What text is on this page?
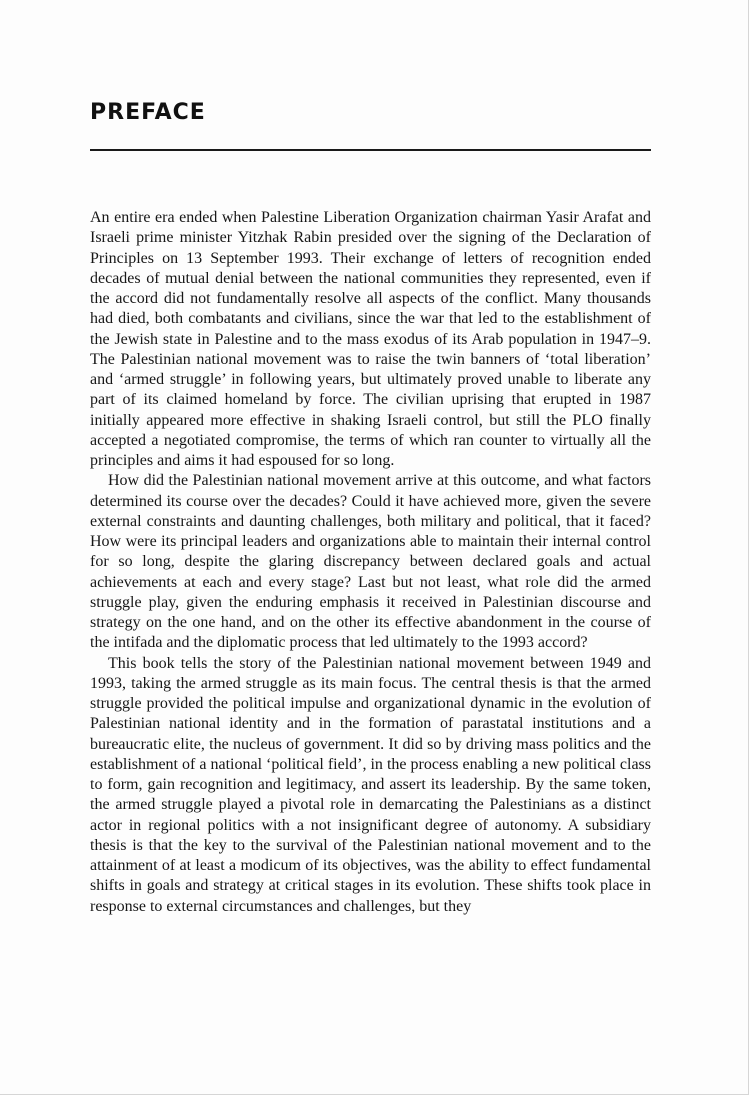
PREFACE

An entire era ended when Palestine Liberation Organization chairman Yasir Arafat and Israeli prime minister Yitzhak Rabin presided over the signing of the Declaration of Principles on 13 September 1993. Their exchange of letters of recognition ended decades of mutual denial between the national communities they represented, even if the accord did not fundamentally resolve all aspects of the conflict. Many thousands had died, both combatants and civilians, since the war that led to the establishment of the Jewish state in Palestine and to the mass exodus of its Arab population in 1947–9. The Palestinian national movement was to raise the twin banners of ‘total liberation’ and ‘armed struggle’ in following years, but ultimately proved unable to liberate any part of its claimed homeland by force. The civilian uprising that erupted in 1987 initially appeared more effective in shaking Israeli control, but still the PLO finally accepted a negotiated compromise, the terms of which ran counter to virtually all the principles and aims it had espoused for so long.

How did the Palestinian national movement arrive at this outcome, and what factors determined its course over the decades? Could it have achieved more, given the severe external constraints and daunting challenges, both military and political, that it faced? How were its principal leaders and organizations able to maintain their internal control for so long, despite the glaring discrepancy between declared goals and actual achievements at each and every stage? Last but not least, what role did the armed struggle play, given the enduring emphasis it received in Palestinian discourse and strategy on the one hand, and on the other its effective abandonment in the course of the intifada and the diplomatic process that led ultimately to the 1993 accord?

This book tells the story of the Palestinian national movement between 1949 and 1993, taking the armed struggle as its main focus. The central thesis is that the armed struggle provided the political impulse and organizational dynamic in the evolution of Palestinian national identity and in the formation of parastatal institutions and a bureaucratic elite, the nucleus of government. It did so by driving mass politics and the establishment of a national ‘political field’, in the process enabling a new political class to form, gain recognition and legitimacy, and assert its leadership. By the same token, the armed struggle played a pivotal role in demarcating the Palestinians as a distinct actor in regional politics with a not insignificant degree of autonomy. A subsidiary thesis is that the key to the survival of the Palestinian national movement and to the attainment of at least a modicum of its objectives, was the ability to effect fundamental shifts in goals and strategy at critical stages in its evolution. These shifts took place in response to external circumstances and challenges, but they
